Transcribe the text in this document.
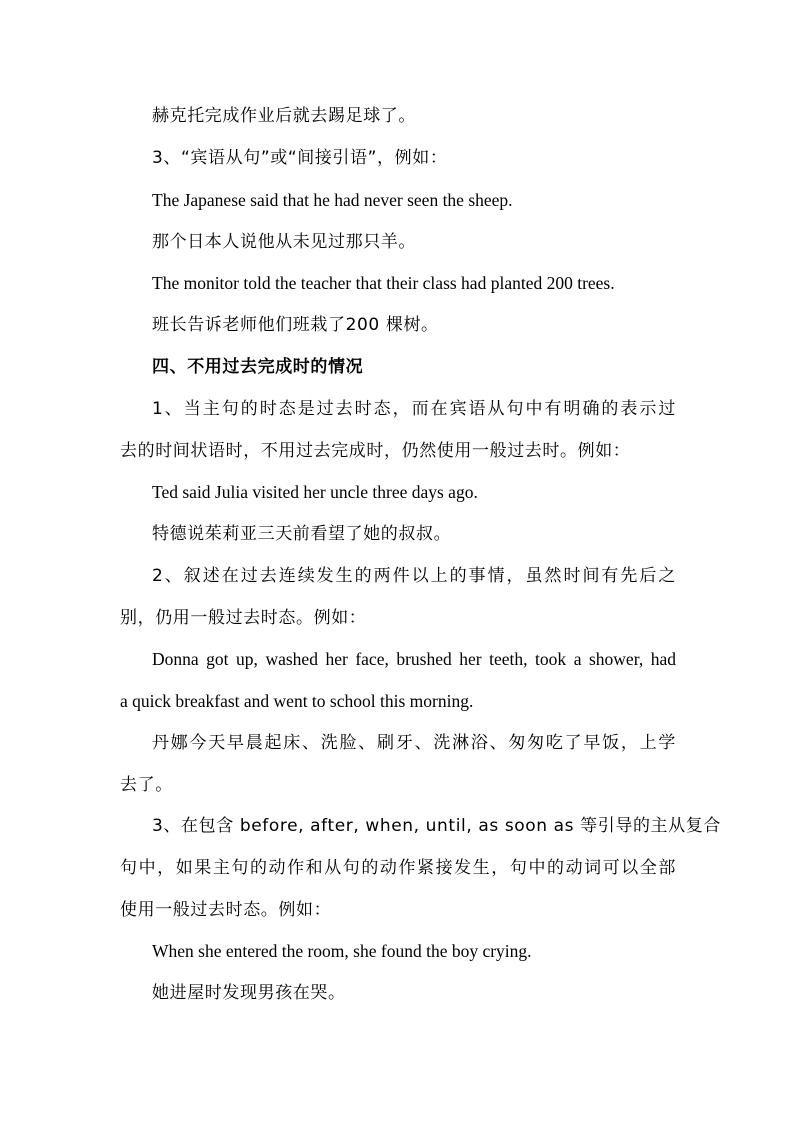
赫克托完成作业后就去踢足球了。

3、“宾语从句”或“间接引语”，例如：

The Japanese said that he had never seen the sheep.

那个日本人说他从未见过那只羊。

The monitor told the teacher that their class had planted 200 trees.

班长告诉老师他们班栽了200 棵树。

四、不用过去完成时的情况

1、当主句的时态是过去时态，而在宾语从句中有明确的表示过

去的时间状语时，不用过去完成时，仍然使用一般过去时。例如：

Ted said Julia visited her uncle three days ago.

特德说茱莉亚三天前看望了她的叔叔。

2、叙述在过去连续发生的两件以上的事情，虽然时间有先后之

别，仍用一般过去时态。例如：

Donna got up, washed her face, brushed her teeth, took a shower, had

a quick breakfast and went to school this morning.

丹娜今天早晨起床、洗脸、刷牙、洗淋浴、匆匆吃了早饭，上学

去了。

3、在包含 before, after, when, until, as soon as 等引导的主从复合

句中，如果主句的动作和从句的动作紧接发生，句中的动词可以全部

使用一般过去时态。例如：

When she entered the room, she found the boy crying.

她进屋时发现男孩在哭。
